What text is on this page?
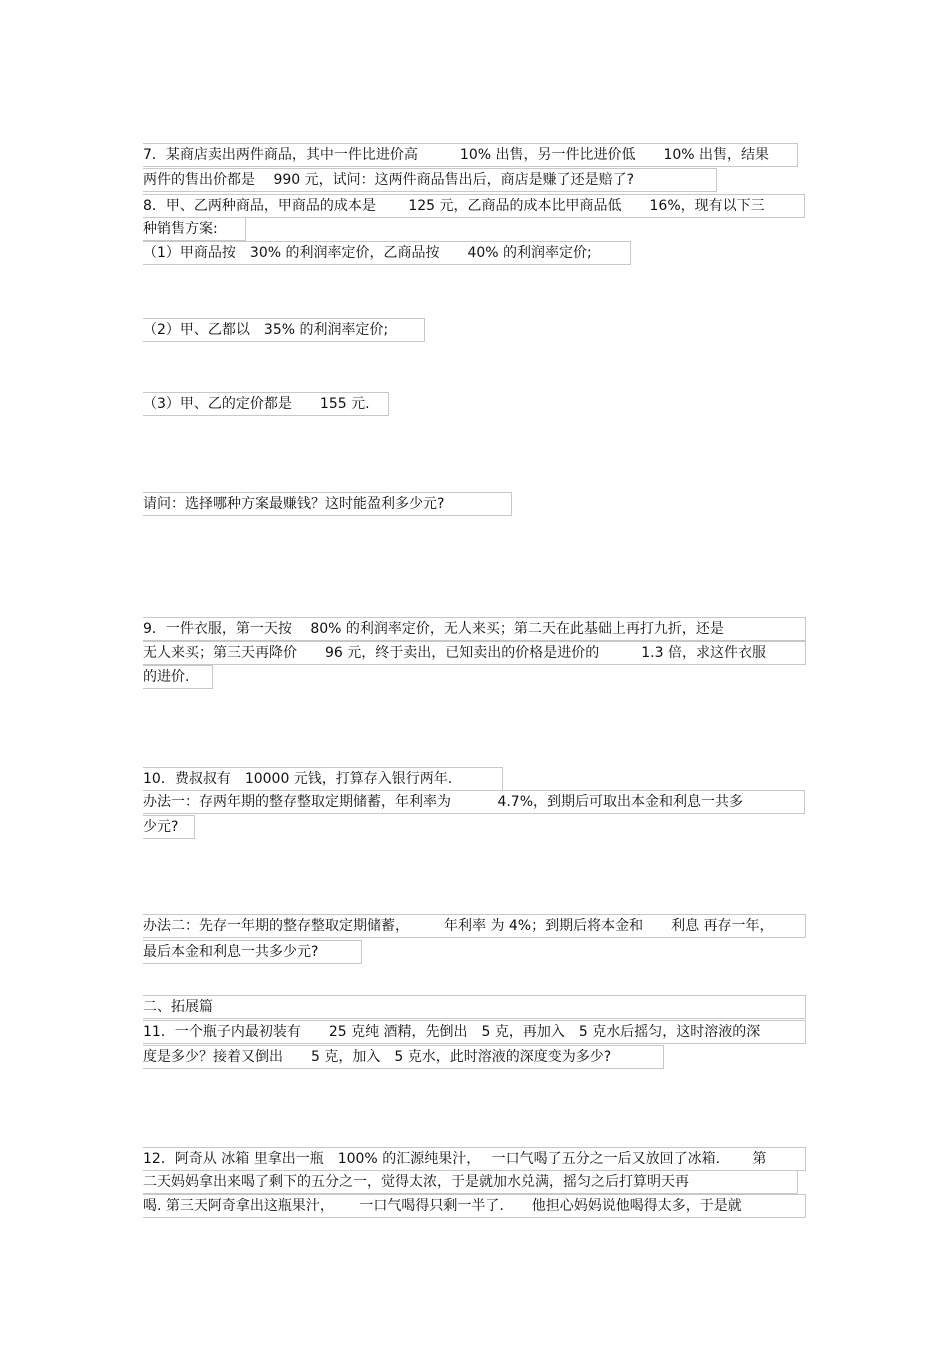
7．某商店卖出两件商品，其中一件比进价高　　　10% 出售，另一件比进价低　　10% 出售，结果
两件的售出价都是　 990 元，试问：这两件商品售出后，商店是赚了还是赔了?
8．甲、乙两种商品，甲商品的成本是　　 125 元，乙商品的成本比甲商品低　　16%，现有以下三
种销售方案:
（1）甲商品按　30% 的利润率定价，乙商品按　　40% 的利润率定价;
（2）甲、乙都以　35% 的利润率定价;
（3）甲、乙的定价都是　　155 元.
请问：选择哪种方案最赚钱？这时能盈利多少元?
9．一件衣服，第一天按　 80% 的利润率定价，无人来买；第二天在此基础上再打九折，还是
无人来买；第三天再降价　　96 元，终于卖出，已知卖出的价格是进价的　　　1.3 倍，求这件衣服
的进价.
10．费叔叔有　10000 元钱，打算存入银行两年.
办法一：存两年期的整存整取定期储蓄，年利率为　　　 4.7%，到期后可取出本金和利息一共多
少元?
办法二：先存一年期的整存整取定期储蓄，　　　年利率 为 4%；到期后将本金和　　利息 再存一年，
最后本金和利息一共多少元?
二、拓展篇
11．一个瓶子内最初装有　　25 克纯 酒精，先倒出　5 克，再加入　5 克水后摇匀，这时溶液的深
度是多少？接着又倒出　　5 克，加入　5 克水，此时溶液的深度变为多少?
12．阿奇从 冰箱 里拿出一瓶　100% 的汇源纯果汁，　 一口气喝了五分之一后又放回了冰箱.　　 第
二天妈妈拿出来喝了剩下的五分之一，觉得太浓，于是就加水兑满，摇匀之后打算明天再
喝. 第三天阿奇拿出这瓶果汁，　　 一口气喝得只剩一半了.　　他担心妈妈说他喝得太多，于是就
